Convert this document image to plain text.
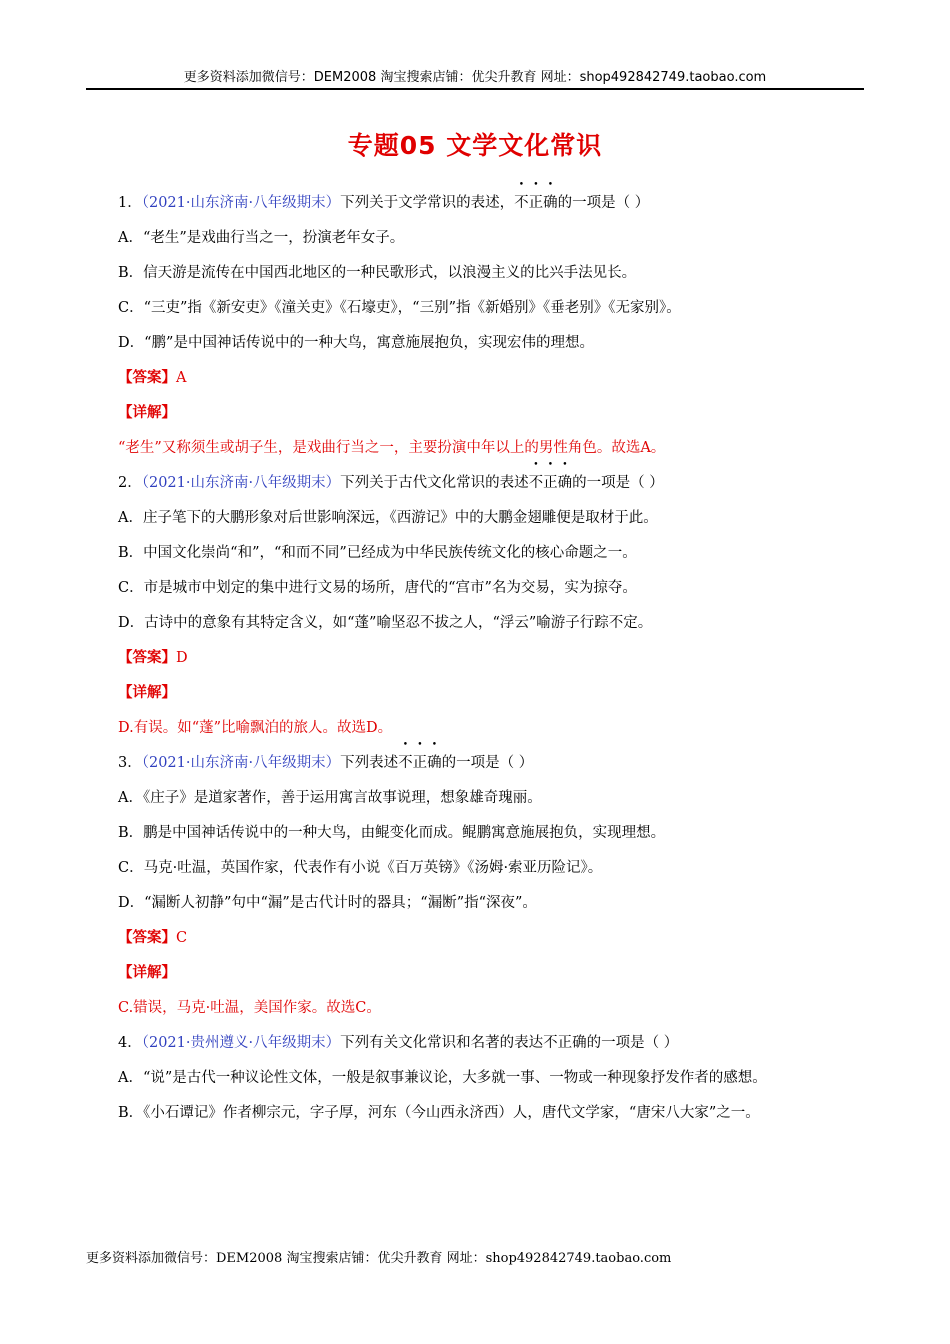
更多资料添加微信号：DEM2008 淘宝搜索店铺：优尖升教育 网址：shop492842749.taobao.com
专题05 文学文化常识
1．（2021·山东济南·八年级期末）下列关于文学常识的表述，不正确的一项是（ ）
A．“老生”是戏曲行当之一，扮演老年女子。
B．信天游是流传在中国西北地区的一种民歌形式，以浪漫主义的比兴手法见长。
C．“三吏”指《新安吏》《潼关吏》《石壕吏》，“三别”指《新婚别》《垂老别》《无家别》。
D．“鹏”是中国神话传说中的一种大鸟，寓意施展抱负，实现宏伟的理想。
【答案】A
【详解】
“老生”又称须生或胡子生，是戏曲行当之一，主要扮演中年以上的男性角色。故选A。
2．（2021·山东济南·八年级期末）下列关于古代文化常识的表述不正确的一项是（ ）
A．庄子笔下的大鹏形象对后世影响深远，《西游记》中的大鹏金翅雕便是取材于此。
B．中国文化崇尚“和”，“和而不同”已经成为中华民族传统文化的核心命题之一。
C．市是城市中划定的集中进行文易的场所，唐代的“宫市”名为交易，实为掠夺。
D．古诗中的意象有其特定含义，如“蓬”喻坚忍不拔之人，“浮云”喻游子行踪不定。
【答案】D
【详解】
D.有误。如“蓬”比喻飘泊的旅人。故选D。
3．（2021·山东济南·八年级期末）下列表述不正确的一项是（ ）
A．《庄子》是道家著作，善于运用寓言故事说理，想象雄奇瑰丽。
B．鹏是中国神话传说中的一种大鸟，由鲲变化而成。鲲鹏寓意施展抱负，实现理想。
C．马克·吐温，英国作家，代表作有小说《百万英镑》《汤姆·索亚历险记》。
D．“漏断人初静”句中“漏”是古代计时的器具；“漏断”指“深夜”。
【答案】C
【详解】
C.错误，马克·吐温，美国作家。故选C。
4．（2021·贵州遵义·八年级期末）下列有关文化常识和名著的表达不正确的一项是（ ）
A．“说”是古代一种议论性文体，一般是叙事兼议论，大多就一事、一物或一种现象抒发作者的感想。
B．《小石谭记》作者柳宗元，字子厚，河东（今山西永济西）人，唐代文学家，“唐宋八大家”之一。
更多资料添加微信号：DEM2008 淘宝搜索店铺：优尖升教育 网址：shop492842749.taobao.com
